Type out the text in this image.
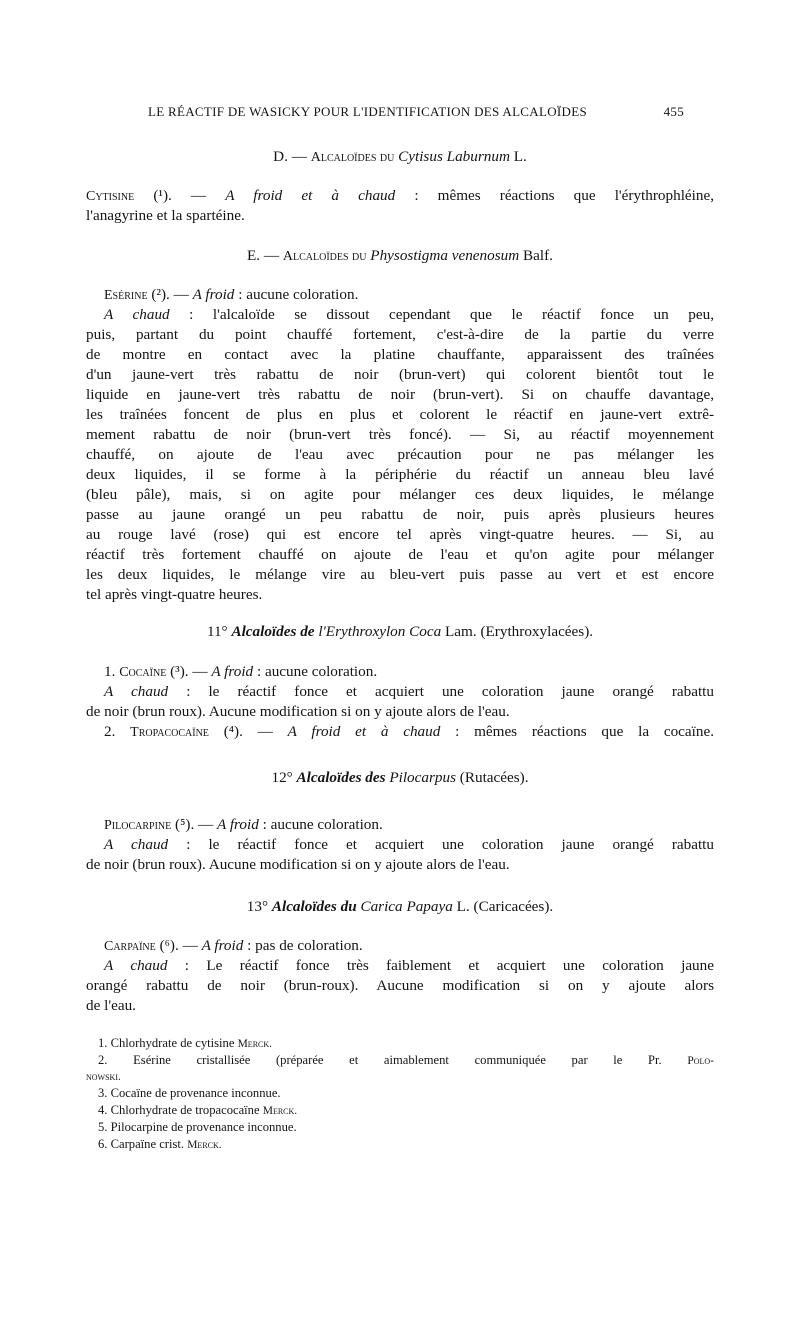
LE RÉACTIF DE WASICKY POUR L'IDENTIFICATION DES ALCALOÏDES	455
D. — Alcaloïdes du Cytisus Laburnum L.
Cytisine (¹). — A froid et à chaud : mêmes réactions que l'érythrophléine,
l'anagyrine et la spartéine.
E. — Alcaloïdes du Physostigma venenosum Balf.
Esérine (²). — A froid : aucune coloration.
A chaud : l'alcaloïde se dissout cependant que le réactif fonce un peu,
puis, partant du point chauffé fortement, c'est-à-dire de la partie du verre
de montre en contact avec la platine chauffante, apparaissent des traînées
d'un jaune-vert très rabattu de noir (brun-vert) qui colorent bientôt tout le
liquide en jaune-vert très rabattu de noir (brun-vert). Si on chauffe davantage,
les traînées foncent de plus en plus et colorent le réactif en jaune-vert extrê-
mement rabattu de noir (brun-vert très foncé). — Si, au réactif moyennement
chauffé, on ajoute de l'eau avec précaution pour ne pas mélanger les
deux liquides, il se forme à la périphérie du réactif un anneau bleu lavé
(bleu pâle), mais, si on agite pour mélanger ces deux liquides, le mélange
passe au jaune orangé un peu rabattu de noir, puis après plusieurs heures
au rouge lavé (rose) qui est encore tel après vingt-quatre heures. — Si, au
réactif très fortement chauffé on ajoute de l'eau et qu'on agite pour mélanger
les deux liquides, le mélange vire au bleu-vert puis passe au vert et est encore
tel après vingt-quatre heures.
11° Alcaloïdes de l'Erythroxylon Coca Lam. (Erythroxylacées).
1. Cocaïne (³). — A froid : aucune coloration.
A chaud : le réactif fonce et acquiert une coloration jaune orangé rabattu
de noir (brun roux). Aucune modification si on y ajoute alors de l'eau.
2. Tropacocaïne (⁴). — A froid et à chaud : mêmes réactions que la cocaïne.
12° Alcaloïdes des Pilocarpus (Rutacées).
Pilocarpine (⁵). — A froid : aucune coloration.
A chaud : le réactif fonce et acquiert une coloration jaune orangé rabattu
de noir (brun roux). Aucune modification si on y ajoute alors de l'eau.
13° Alcaloïdes du Carica Papaya L. (Caricacées).
Carpaïne (⁶). — A froid : pas de coloration.
A chaud : Le réactif fonce très faiblement et acquiert une coloration jaune
orangé rabattu de noir (brun-roux). Aucune modification si on y ajoute alors
de l'eau.
1. Chlorhydrate de cytisine Merck.
2. Esérine cristallisée (préparée et aimablement communiquée par le Pr. Polo-
nowski.
3. Cocaïne de provenance inconnue.
4. Chlorhydrate de tropacocaïne Merck.
5. Pilocarpine de provenance inconnue.
6. Carpaïne crist. Merck.
